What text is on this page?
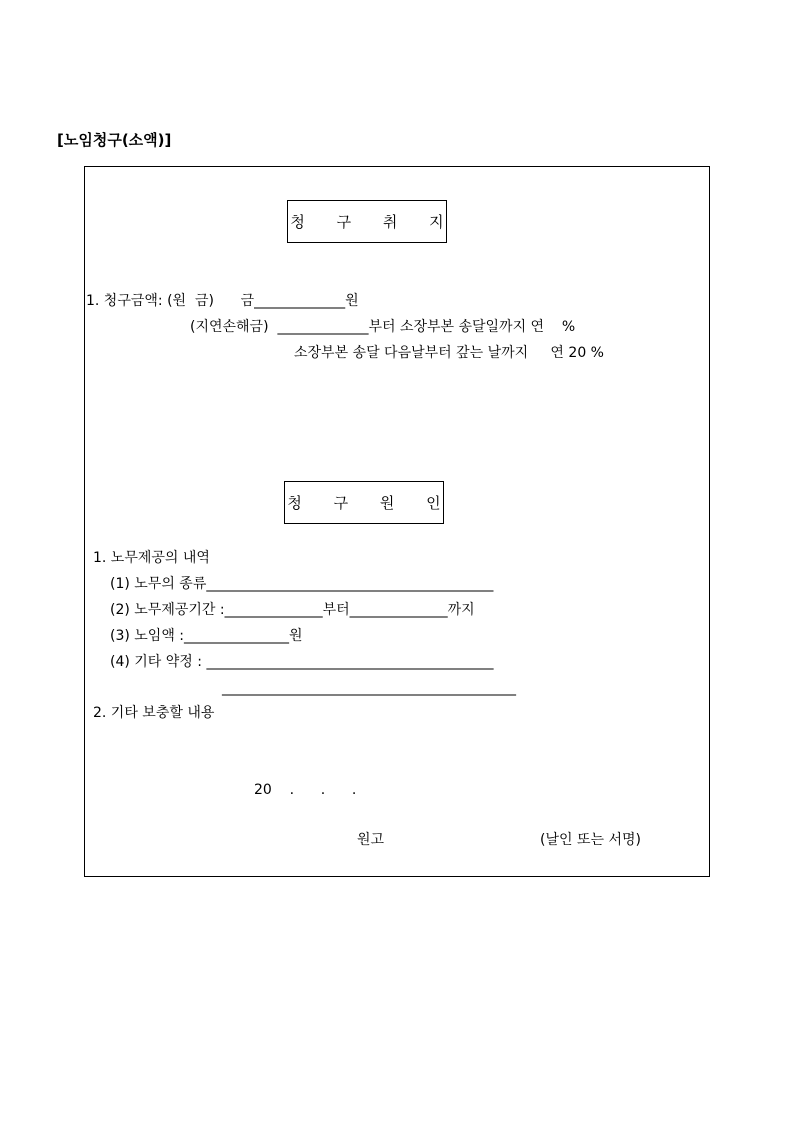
[노임청구(소액)]
청 구 취 지
1. 청구금액: (원  금)      금_____________원
(지연손해금)  _____________부터 소장부본 송달일까지 연    %
소장부본 송달 다음날부터 갚는 날까지     연 20 %
청 구 원 인
1. 노무제공의 내역
(1) 노무의 종류_________________________________________
(2) 노무제공기간 :______________부터______________까지
(3) 노임액 :_______________원
(4) 기타 약정 : _________________________________________
__________________________________________
2. 기타 보충할 내용
20    .      .      .
원고	(날인 또는 서명)
